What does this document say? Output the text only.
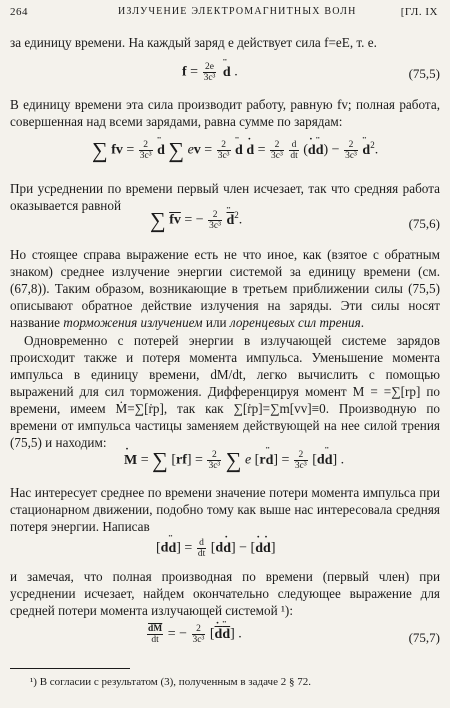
264	ИЗЛУЧЕНИЕ ЭЛЕКТРОМАГНИТНЫХ ВОЛН	[ГЛ. IX

за единицу времени. На каждый заряд e действует сила f=eE, т. е.

$f = \frac{2e}{\text{3c³}}$ d ¨ .	(75,5)

В единицу времени эта сила производит работу, равную fv; полная работа, совершенная над всеми зарядами, равна сумме по зарядам:

∑ fv = $\frac{2}{\text{3c³}}$ d ¨ ∑ ev = $\frac{2}{\text{3c³}}$ d ¨ d ˙ = $\frac{2}{\text{3c³}}$
$\frac{d}{dt} (d$ ˙d ¨) − $\frac{2}{\text{3c³}}$ d ¨$^2$.

При усреднении по времени первый член исчезает, так что средняя работа оказывается равной

∑ $\overline{fv}$ = − $\frac{2}{\text{3c³}} \overline{d}$ ¨$^2$.	(75,6)

Но стоящее справа выражение есть не что иное, как (взятое с обратным знаком) среднее излучение энергии системой за единицу времени (см. (67,8)). Таким образом, возникающие в третьем приближении силы (75,5) описывают обратное действие излучения на заряды. Эти силы носят название торможения излучением или лоренцевых сил трения.

Одновременно с потерей энергии в излучающей системе зарядов происходит также и потеря момента импульса. Уменьшение момента импульса в единицу времени, dM/dt, легко вычислить с помощью выражений для сил торможения. Дифференцируя момент M = =∑[rp] по времени, имеем Ṁ=∑[ṙp], так как ∑[ṙp]=∑m[vv]≡0. Производную по времени от импульса частицы заменяем действующей на нее силой трения (75,5) и находим:

M ˙ = ∑ $[rf] = \frac{2}{\text{3c³}}$ ∑ e [rd ¨] = $\frac{2}{\text{3c³}} [dd$ ¨] .

Нас интересует среднее по времени значение потери момента импульса при стационарном движении, подобно тому как выше нас интересовала средняя потеря энергии. Написав

[dd ¨] = $\frac{d}{dt} [dd$ ˙] − [d ˙d ˙]

и замечая, что полная производная по времени (первый член) при усреднении исчезает, найдем окончательно следующее выражение для средней потери момента излучающей системой ¹):

$\frac{\overline{dM}}{dt}$ = − $\frac{2}{\text{3c³}} [\overline{d}$ $˙\overline{d}$ ¨] .	(75,7)
¹) В согласии с результатом (3), полученным в задаче 2 § 72.
